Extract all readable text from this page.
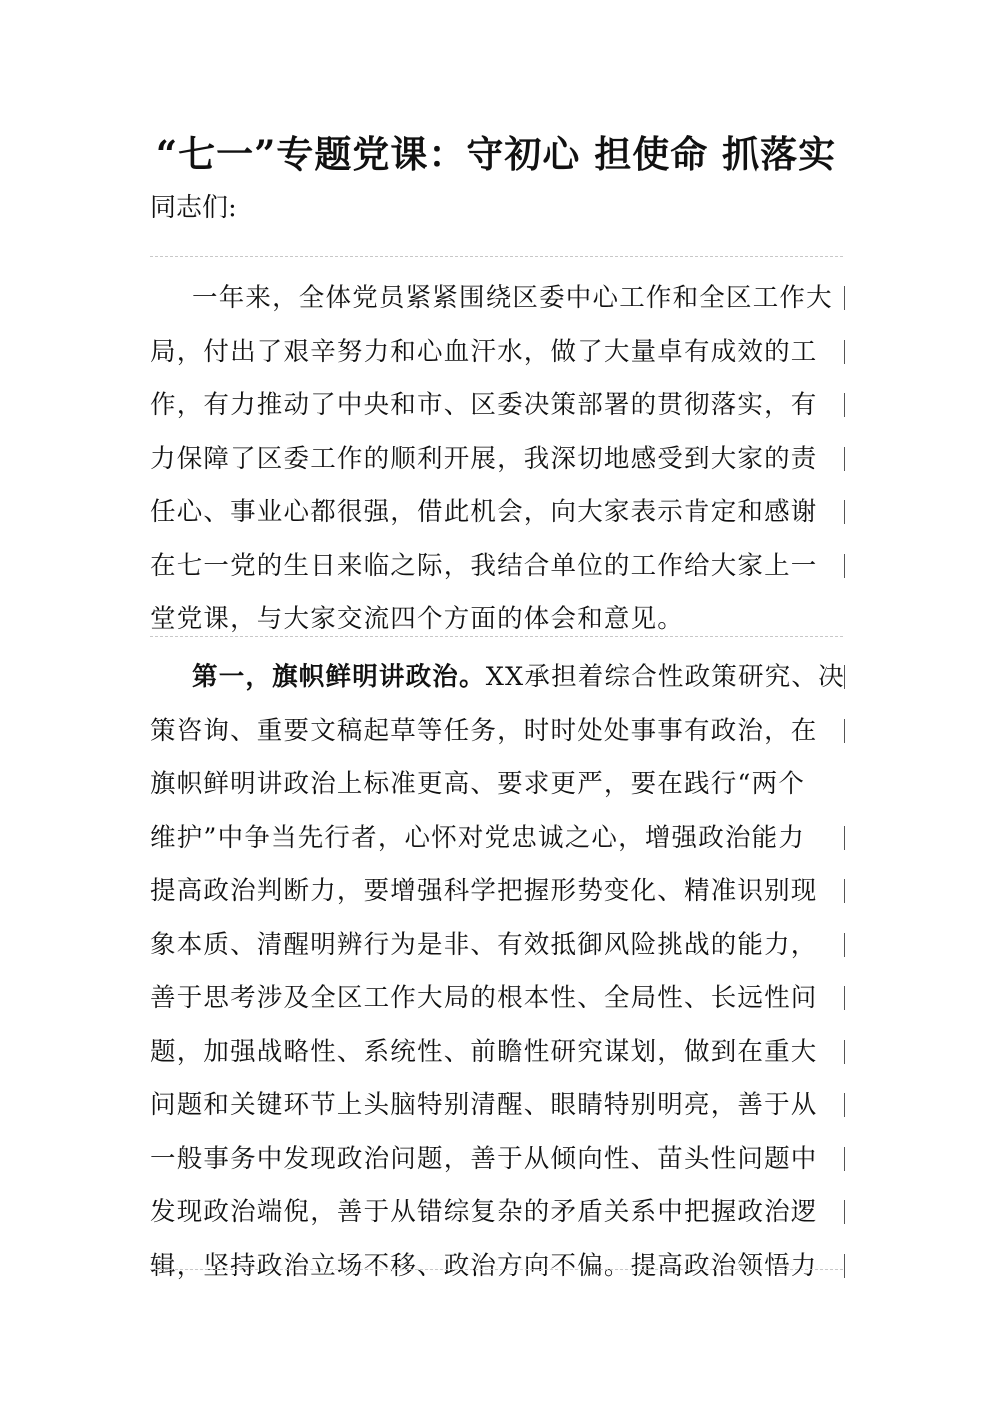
“七一”专题党课：守初心 担使命 抓落实
同志们:
一年来，全体党员紧紧围绕区委中心工作和全区工作大
局，付出了艰辛努力和心血汗水，做了大量卓有成效的工
作，有力推动了中央和市、区委决策部署的贯彻落实，有
力保障了区委工作的顺利开展，我深切地感受到大家的责
任心、事业心都很强，借此机会，向大家表示肯定和感谢
在七一党的生日来临之际，我结合单位的工作给大家上一
堂党课，与大家交流四个方面的体会和意见。
第一，旗帜鲜明讲政治。XX承担着综合性政策研究、决
策咨询、重要文稿起草等任务，时时处处事事有政治，在
旗帜鲜明讲政治上标准更高、要求更严，要在践行“两个
维护”中争当先行者，心怀对党忠诚之心，增强政治能力
提高政治判断力，要增强科学把握形势变化、精准识别现
象本质、清醒明辨行为是非、有效抵御风险挑战的能力，
善于思考涉及全区工作大局的根本性、全局性、长远性问
题，加强战略性、系统性、前瞻性研究谋划，做到在重大
问题和关键环节上头脑特别清醒、眼睛特别明亮，善于从
一般事务中发现政治问题，善于从倾向性、苗头性问题中
发现政治端倪，善于从错综复杂的矛盾关系中把握政治逻
辑，坚持政治立场不移、政治方向不偏。提高政治领悟力
